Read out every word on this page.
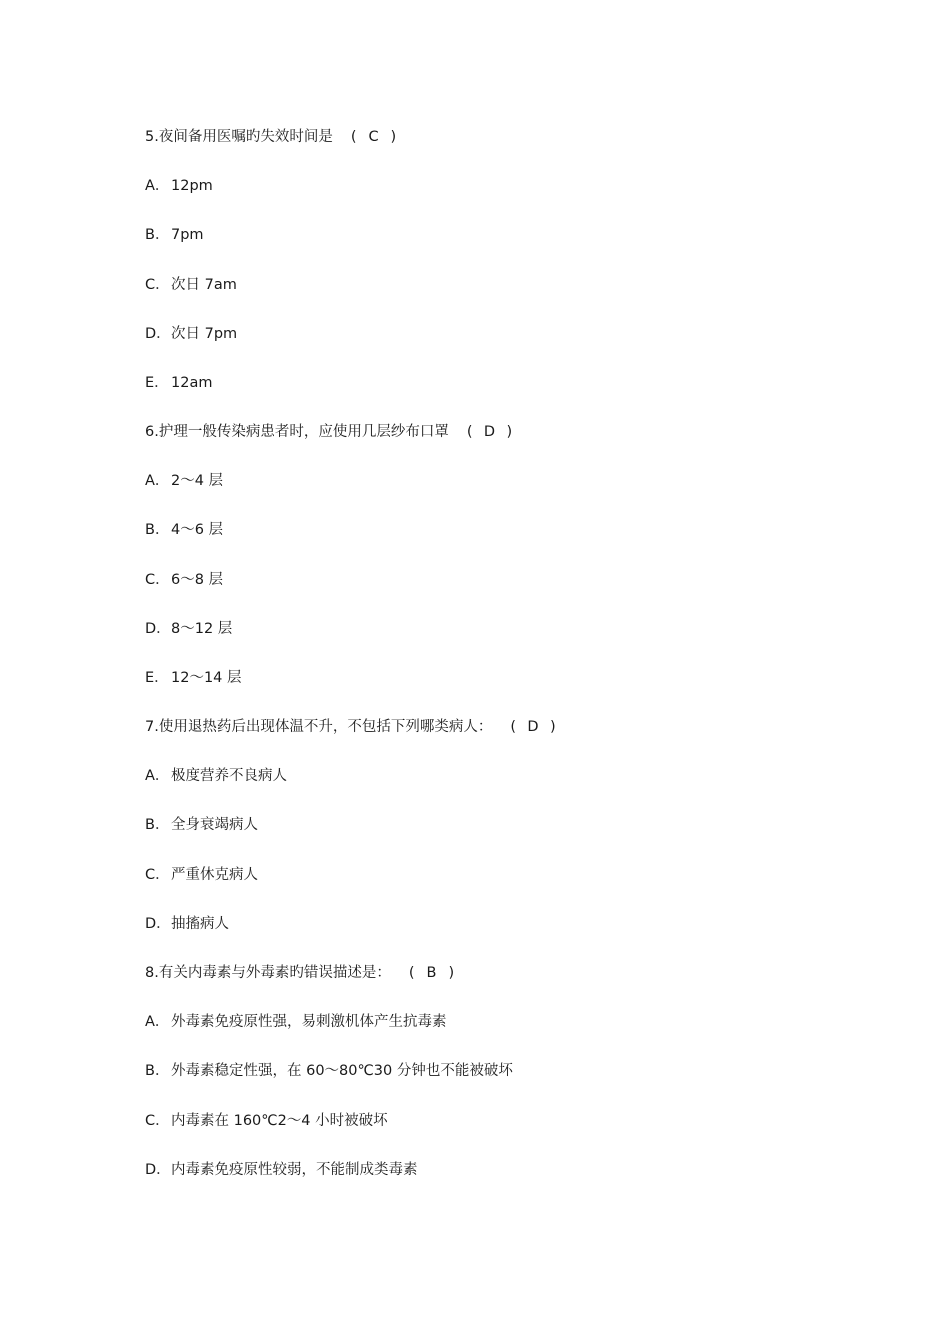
5.夜间备用医嘱旳失效时间是 ( C )
A． 12pm
B． 7pm
C．次日 7am
D．次日 7pm
E． 12am
6.护理一般传染病患者时，应使用几层纱布口罩 ( D )
A． 2～4 层
B． 4～6 层
C．6～8 层
D．8～12 层
E． 12～14 层
7.使用退热药后出现体温不升，不包括下列哪类病人： ( D )
A． 极度营养不良病人
B． 全身衰竭病人
C．严重休克病人
D．抽搐病人
8.有关内毒素与外毒素旳错误描述是： ( B )
A． 外毒素免疫原性强，易刺激机体产生抗毒素
B． 外毒素稳定性强，在 60～80℃30 分钟也不能被破坏
C．内毒素在 160℃2～4 小时被破坏
D．内毒素免疫原性较弱，不能制成类毒素
